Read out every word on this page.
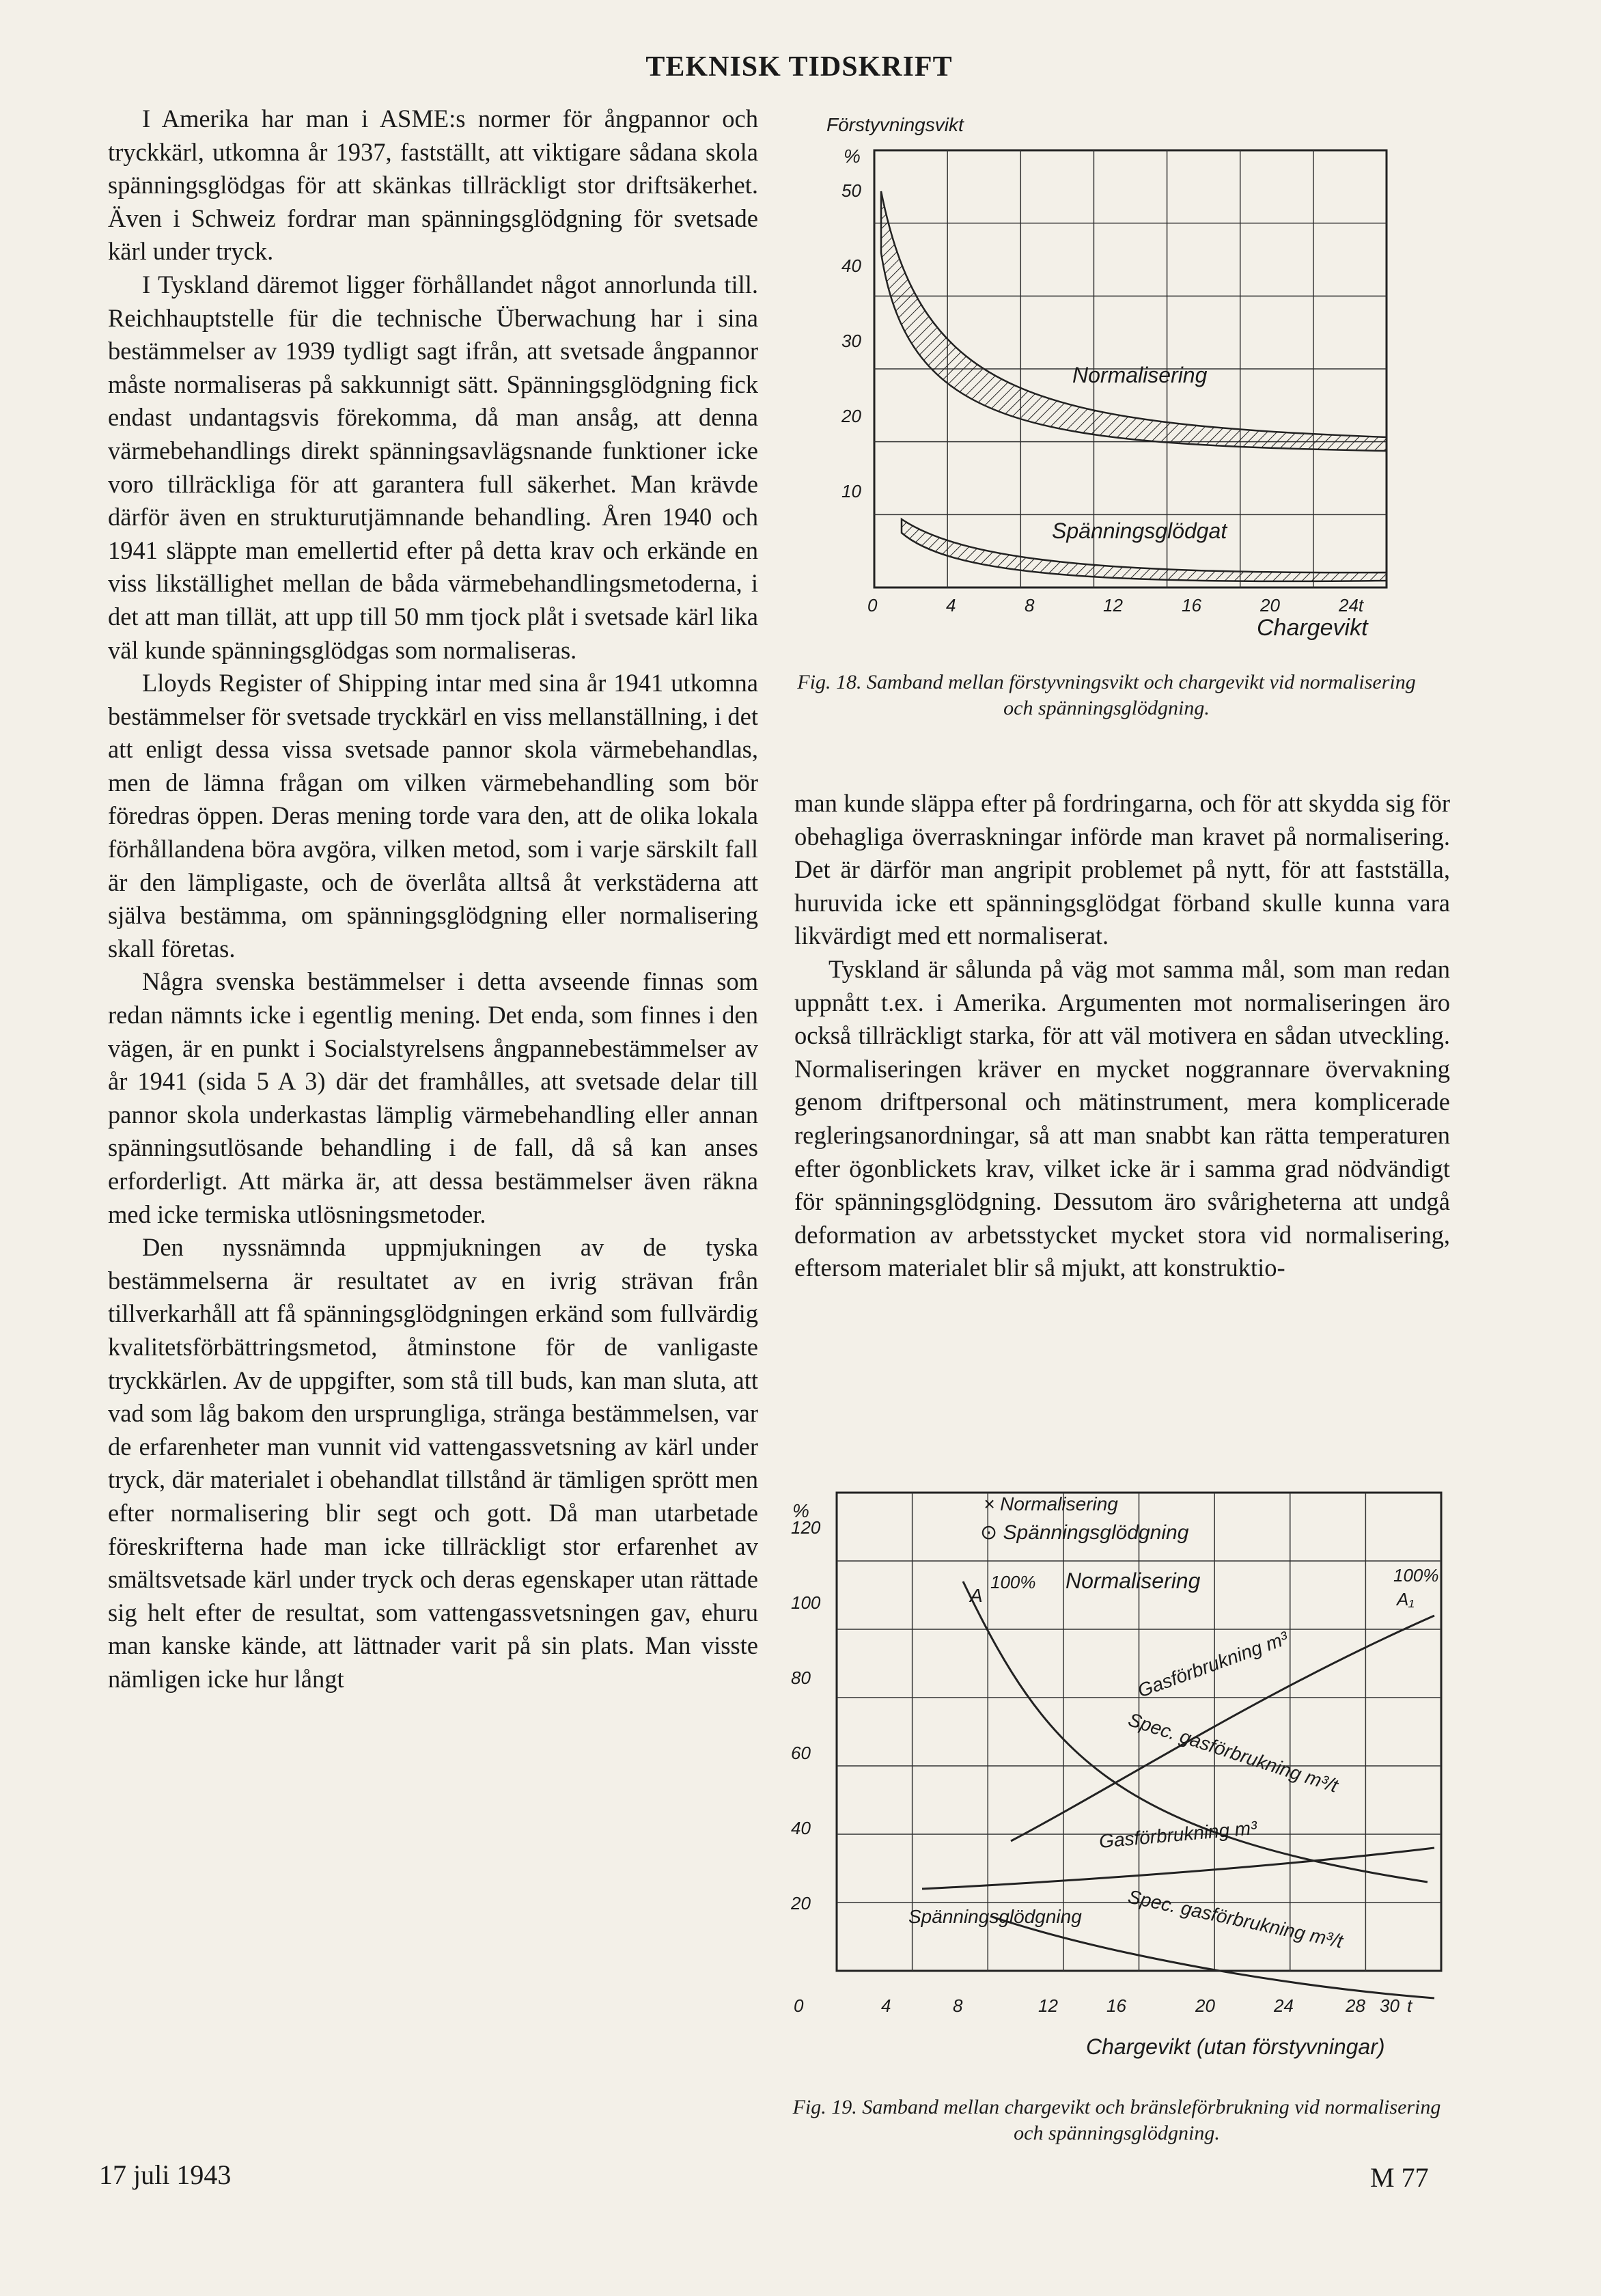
TEKNISK TIDSKRIFT

I Amerika har man i ASME:s normer för ångpannor och tryckkärl, utkomna år 1937, fastställt, att viktigare sådana skola spänningsglödgas för att skänkas tillräckligt stor driftsäkerhet. Även i Schweiz fordrar man spänningsglödgning för svetsade kärl under tryck.

I Tyskland däremot ligger förhållandet något annorlunda till. Reichhauptstelle für die technische Überwachung har i sina bestämmelser av 1939 tydligt sagt ifrån, att svetsade ångpannor måste normaliseras på sakkunnigt sätt. Spänningsglödgning fick endast undantagsvis förekomma, då man ansåg, att denna värmebehandlings direkt spänningsavlägsnande funktioner icke voro tillräckliga för att garantera full säkerhet. Man krävde därför även en strukturutjämnande behandling. Åren 1940 och 1941 släppte man emellertid efter på detta krav och erkände en viss likställighet mellan de båda värmebehandlingsmetoderna, i det att man tillät, att upp till 50 mm tjock plåt i svetsade kärl lika väl kunde spänningsglödgas som normaliseras.

Lloyds Register of Shipping intar med sina år 1941 utkomna bestämmelser för svetsade tryckkärl en viss mellanställning, i det att enligt dessa vissa svetsade pannor skola värmebehandlas, men de lämna frågan om vilken värmebehandling som bör föredras öppen. Deras mening torde vara den, att de olika lokala förhållandena böra avgöra, vilken metod, som i varje särskilt fall är den lämpligaste, och de överlåta alltså åt verkstäderna att själva bestämma, om spänningsglödgning eller normalisering skall företas.

Några svenska bestämmelser i detta avseende finnas som redan nämnts icke i egentlig mening. Det enda, som finnes i den vägen, är en punkt i Socialstyrelsens ångpannebestämmelser av år 1941 (sida 5 A 3) där det framhålles, att svetsade delar till pannor skola underkastas lämplig värmebehandling eller annan spänningsutlösande behandling i de fall, då så kan anses erforderligt. Att märka är, att dessa bestämmelser även räkna med icke termiska utlösningsmetoder.

Den nyssnämnda uppmjukningen av de tyska bestämmelserna är resultatet av en ivrig strävan från tillverkarhåll att få spänningsglödgningen erkänd som fullvärdig kvalitetsförbättringsmetod, åtminstone för de vanligaste tryckkärlen. Av de uppgifter, som stå till buds, kan man sluta, att vad som låg bakom den ursprungliga, stränga bestämmelsen, var de erfarenheter man vunnit vid vattengassvetsning av kärl under tryck, där materialet i obehandlat tillstånd är tämligen sprött men efter normalisering blir segt och gott. Då man utarbetade föreskrifterna hade man icke tillräckligt stor erfarenhet av smältsvetsade kärl under tryck och deras egenskaper utan rättade sig helt efter de resultat, som vattengassvetsningen gav, ehuru man kanske kände, att lättnader varit på sin plats. Man visste nämligen icke hur långt

Förstyvningsvikt
%
Normalisering
Spänningsglödgat
50
40
30
20
10
0	4	8	12	16	20	24t
Chargevikt
Fig. 18. Samband mellan förstyvningsvikt och chargevikt vid normalisering och spänningsglödgning.

man kunde släppa efter på fordringarna, och för att skydda sig för obehagliga överraskningar införde man kravet på normalisering. Det är därför man angripit problemet på nytt, för att fastställa, huruvida icke ett spänningsglödgat förband skulle kunna vara likvärdigt med ett normaliserat.

Tyskland är sålunda på väg mot samma mål, som man redan uppnått t.ex. i Amerika. Argumenten mot normaliseringen äro också tillräckligt starka, för att väl motivera en sådan utveckling. Normaliseringen kräver en mycket noggrannare övervakning genom driftpersonal och mätinstrument, mera komplicerade regleringsanordningar, så att man snabbt kan rätta temperaturen efter ögonblickets krav, vilket icke är i samma grad nödvändigt för spänningsglödgning. Dessutom äro svårigheterna att undgå deformation av arbetsstycket mycket stora vid normalisering, eftersom materialet blir så mjukt, att konstruktio-

%	× Normalisering
⊙ Spänningsglödgning
100%
A
Normalisering	100%
A₁
Gasförbrukning m³
Spec. gasförbrukning m³/t
Gasförbrukning m³
Spänningsglödgning Spec. gasförbrukning m³/t
120
100
80
60
40
20
0	4	8	12	16	20	24	28 30 t
Chargevikt (utan förstyvningar)
Fig. 19. Samband mellan chargevikt och bränsleförbrukning vid normalisering och spänningsglödgning.
17 juli 1943	M 77
